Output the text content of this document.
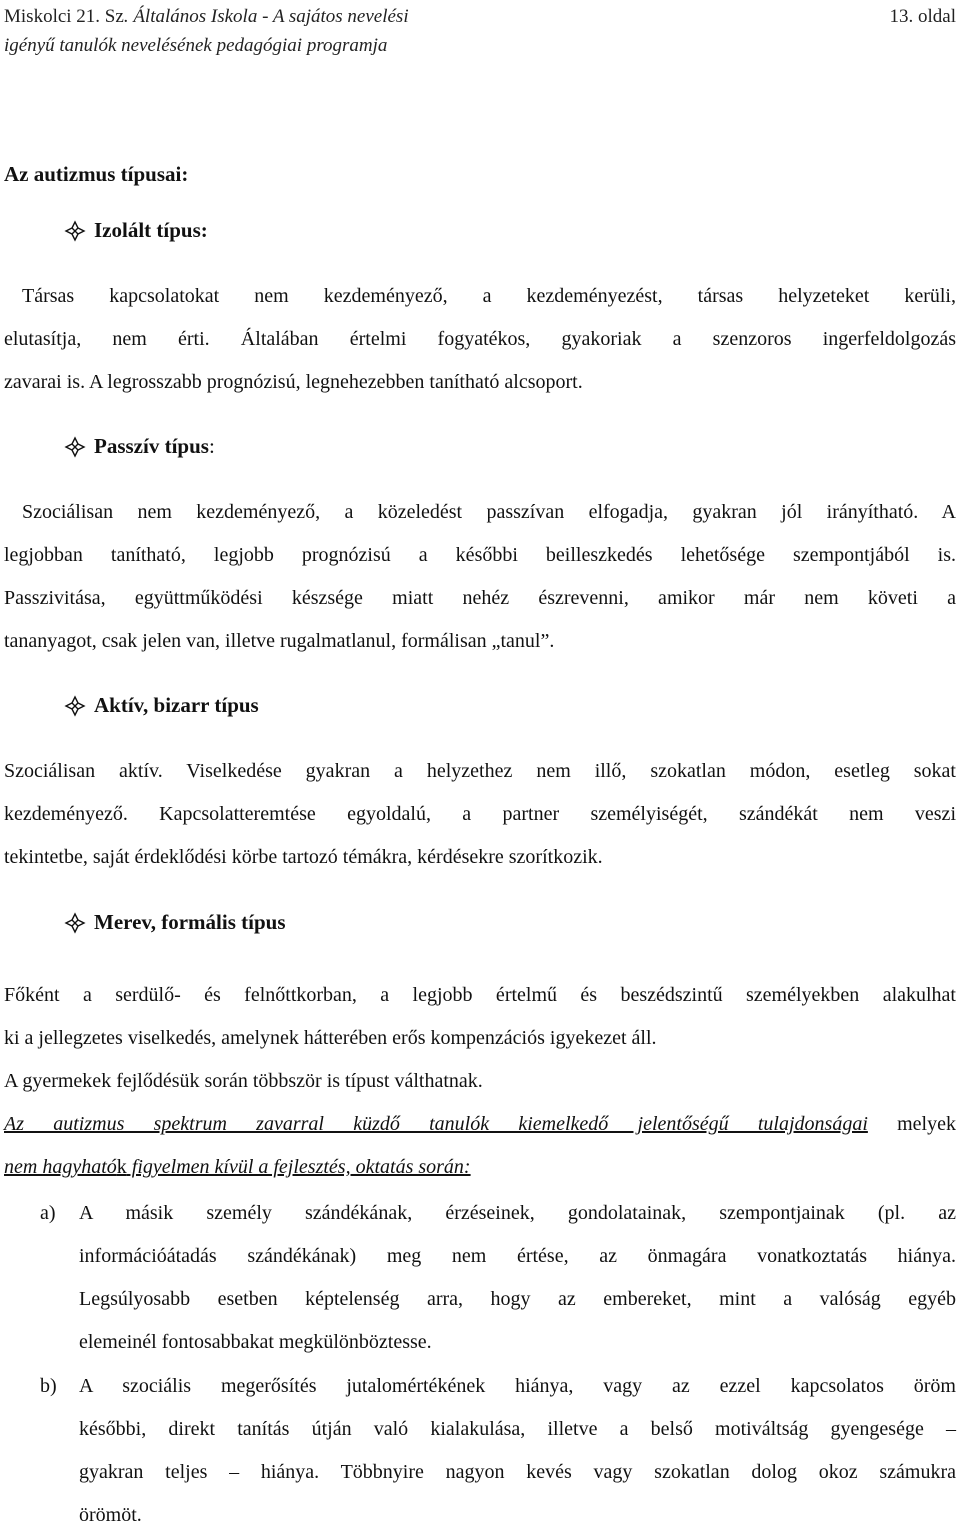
Miskolci 21. Sz. Általános Iskola - A sajátos nevelési	13. oldal
igényű tanulók nevelésének pedagógiai programja
Az autizmus típusai:
Izolált típus:
Társas kapcsolatokat nem kezdeményező, a kezdeményezést, társas helyzeteket kerüli,
elutasítja, nem érti. Általában értelmi fogyatékos, gyakoriak a szenzoros ingerfeldolgozás
zavarai is. A legrosszabb prognózisú, legnehezebben tanítható alcsoport.
Passzív típus :
Szociálisan nem kezdeményező, a közeledést passzívan elfogadja, gyakran jól irányítható. A
legjobban tanítható, legjobb prognózisú a későbbi beilleszkedés lehetősége szempontjából is.
Passzivitása, együttműködési készsége miatt nehéz észrevenni, amikor már nem követi a
tananyagot, csak jelen van, illetve rugalmatlanul, formálisan „tanul”.
Aktív, bizarr típus
Szociálisan aktív. Viselkedése gyakran a helyzethez nem illő, szokatlan módon, esetleg sokat
kezdeményező. Kapcsolatteremtése egyoldalú, a partner személyiségét, szándékát nem veszi
tekintetbe, saját érdeklődési körbe tartozó témákra, kérdésekre szorítkozik.
Merev, formális típus
Főként a serdülő- és felnőttkorban, a legjobb értelmű és beszédszintű személyekben alakulhat
ki a jellegzetes viselkedés, amelynek hátterében erős kompenzációs igyekezet áll.
A gyermekek fejlődésük során többször is típust válthatnak.
Az autizmus spektrum zavarral küzdő tanulók kiemelkedő jelentőségű tulajdonságai melyek
nem hagyhatók figyelmen kívül a fejlesztés, oktatás során:
a) A másik személy szándékának, érzéseinek, gondolatainak, szempontjainak (pl. az
információátadás szándékának) meg nem értése, az önmagára vonatkoztatás hiánya.
Legsúlyosabb esetben képtelenség arra, hogy az embereket, mint a valóság egyéb
elemeinél fontosabbakat megkülönböztesse.
b) A szociális megerősítés jutalomértékének hiánya, vagy az ezzel kapcsolatos öröm
későbbi, direkt tanítás útján való kialakulása, illetve a belső motiváltság gyengesége –
gyakran teljes – hiánya. Többnyire nagyon kevés vagy szokatlan dolog okoz számukra
örömöt.
